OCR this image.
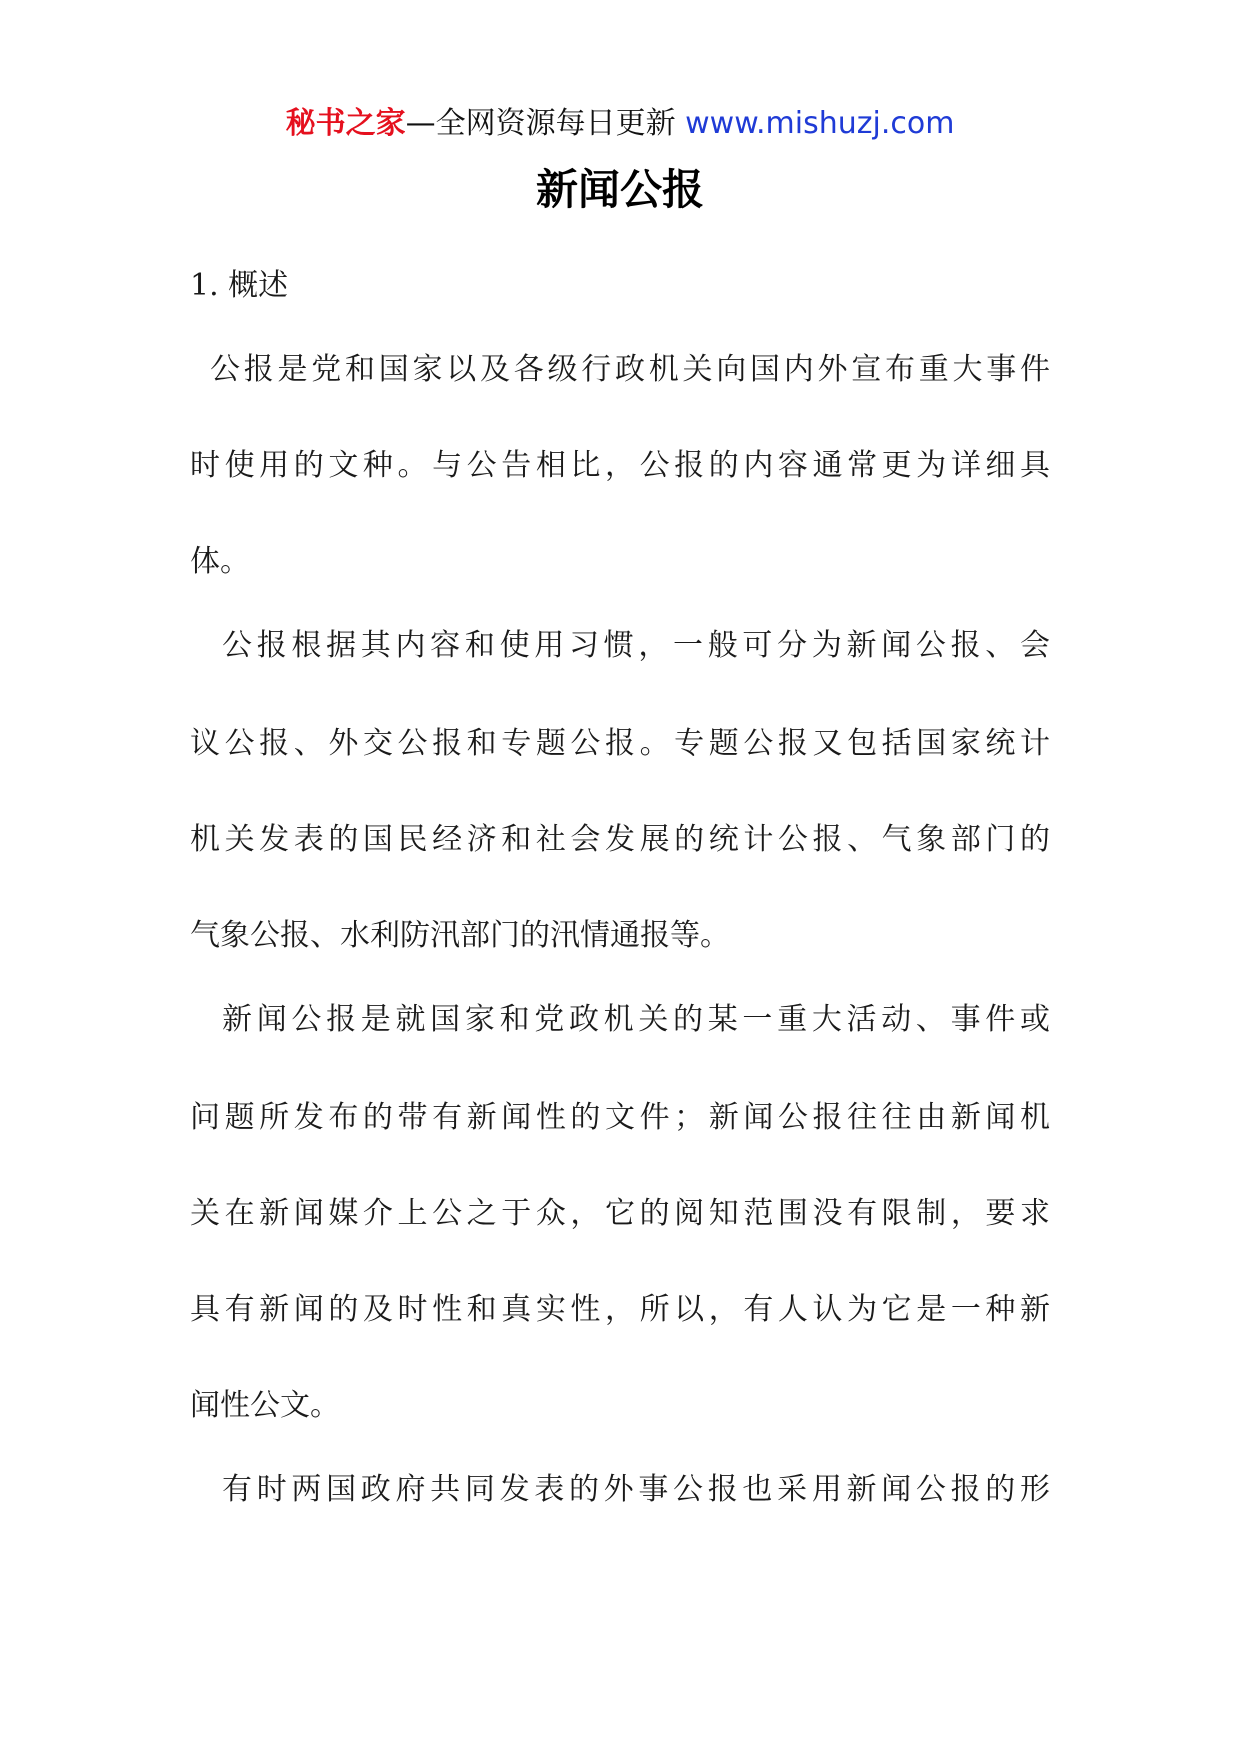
秘书之家—全网资源每日更新 www.mishuzj.com
新闻公报
1. 概述
公报是党和国家以及各级行政机关向国内外宣布重大事件
时使用的文种。与公告相比，公报的内容通常更为详细具
体。
公报根据其内容和使用习惯，一般可分为新闻公报、会
议公报、外交公报和专题公报。专题公报又包括国家统计
机关发表的国民经济和社会发展的统计公报、气象部门的
气象公报、水利防汛部门的汛情通报等。
新闻公报是就国家和党政机关的某一重大活动、事件或
问题所发布的带有新闻性的文件；新闻公报往往由新闻机
关在新闻媒介上公之于众，它的阅知范围没有限制，要求
具有新闻的及时性和真实性，所以，有人认为它是一种新
闻性公文。
有时两国政府共同发表的外事公报也采用新闻公报的形
